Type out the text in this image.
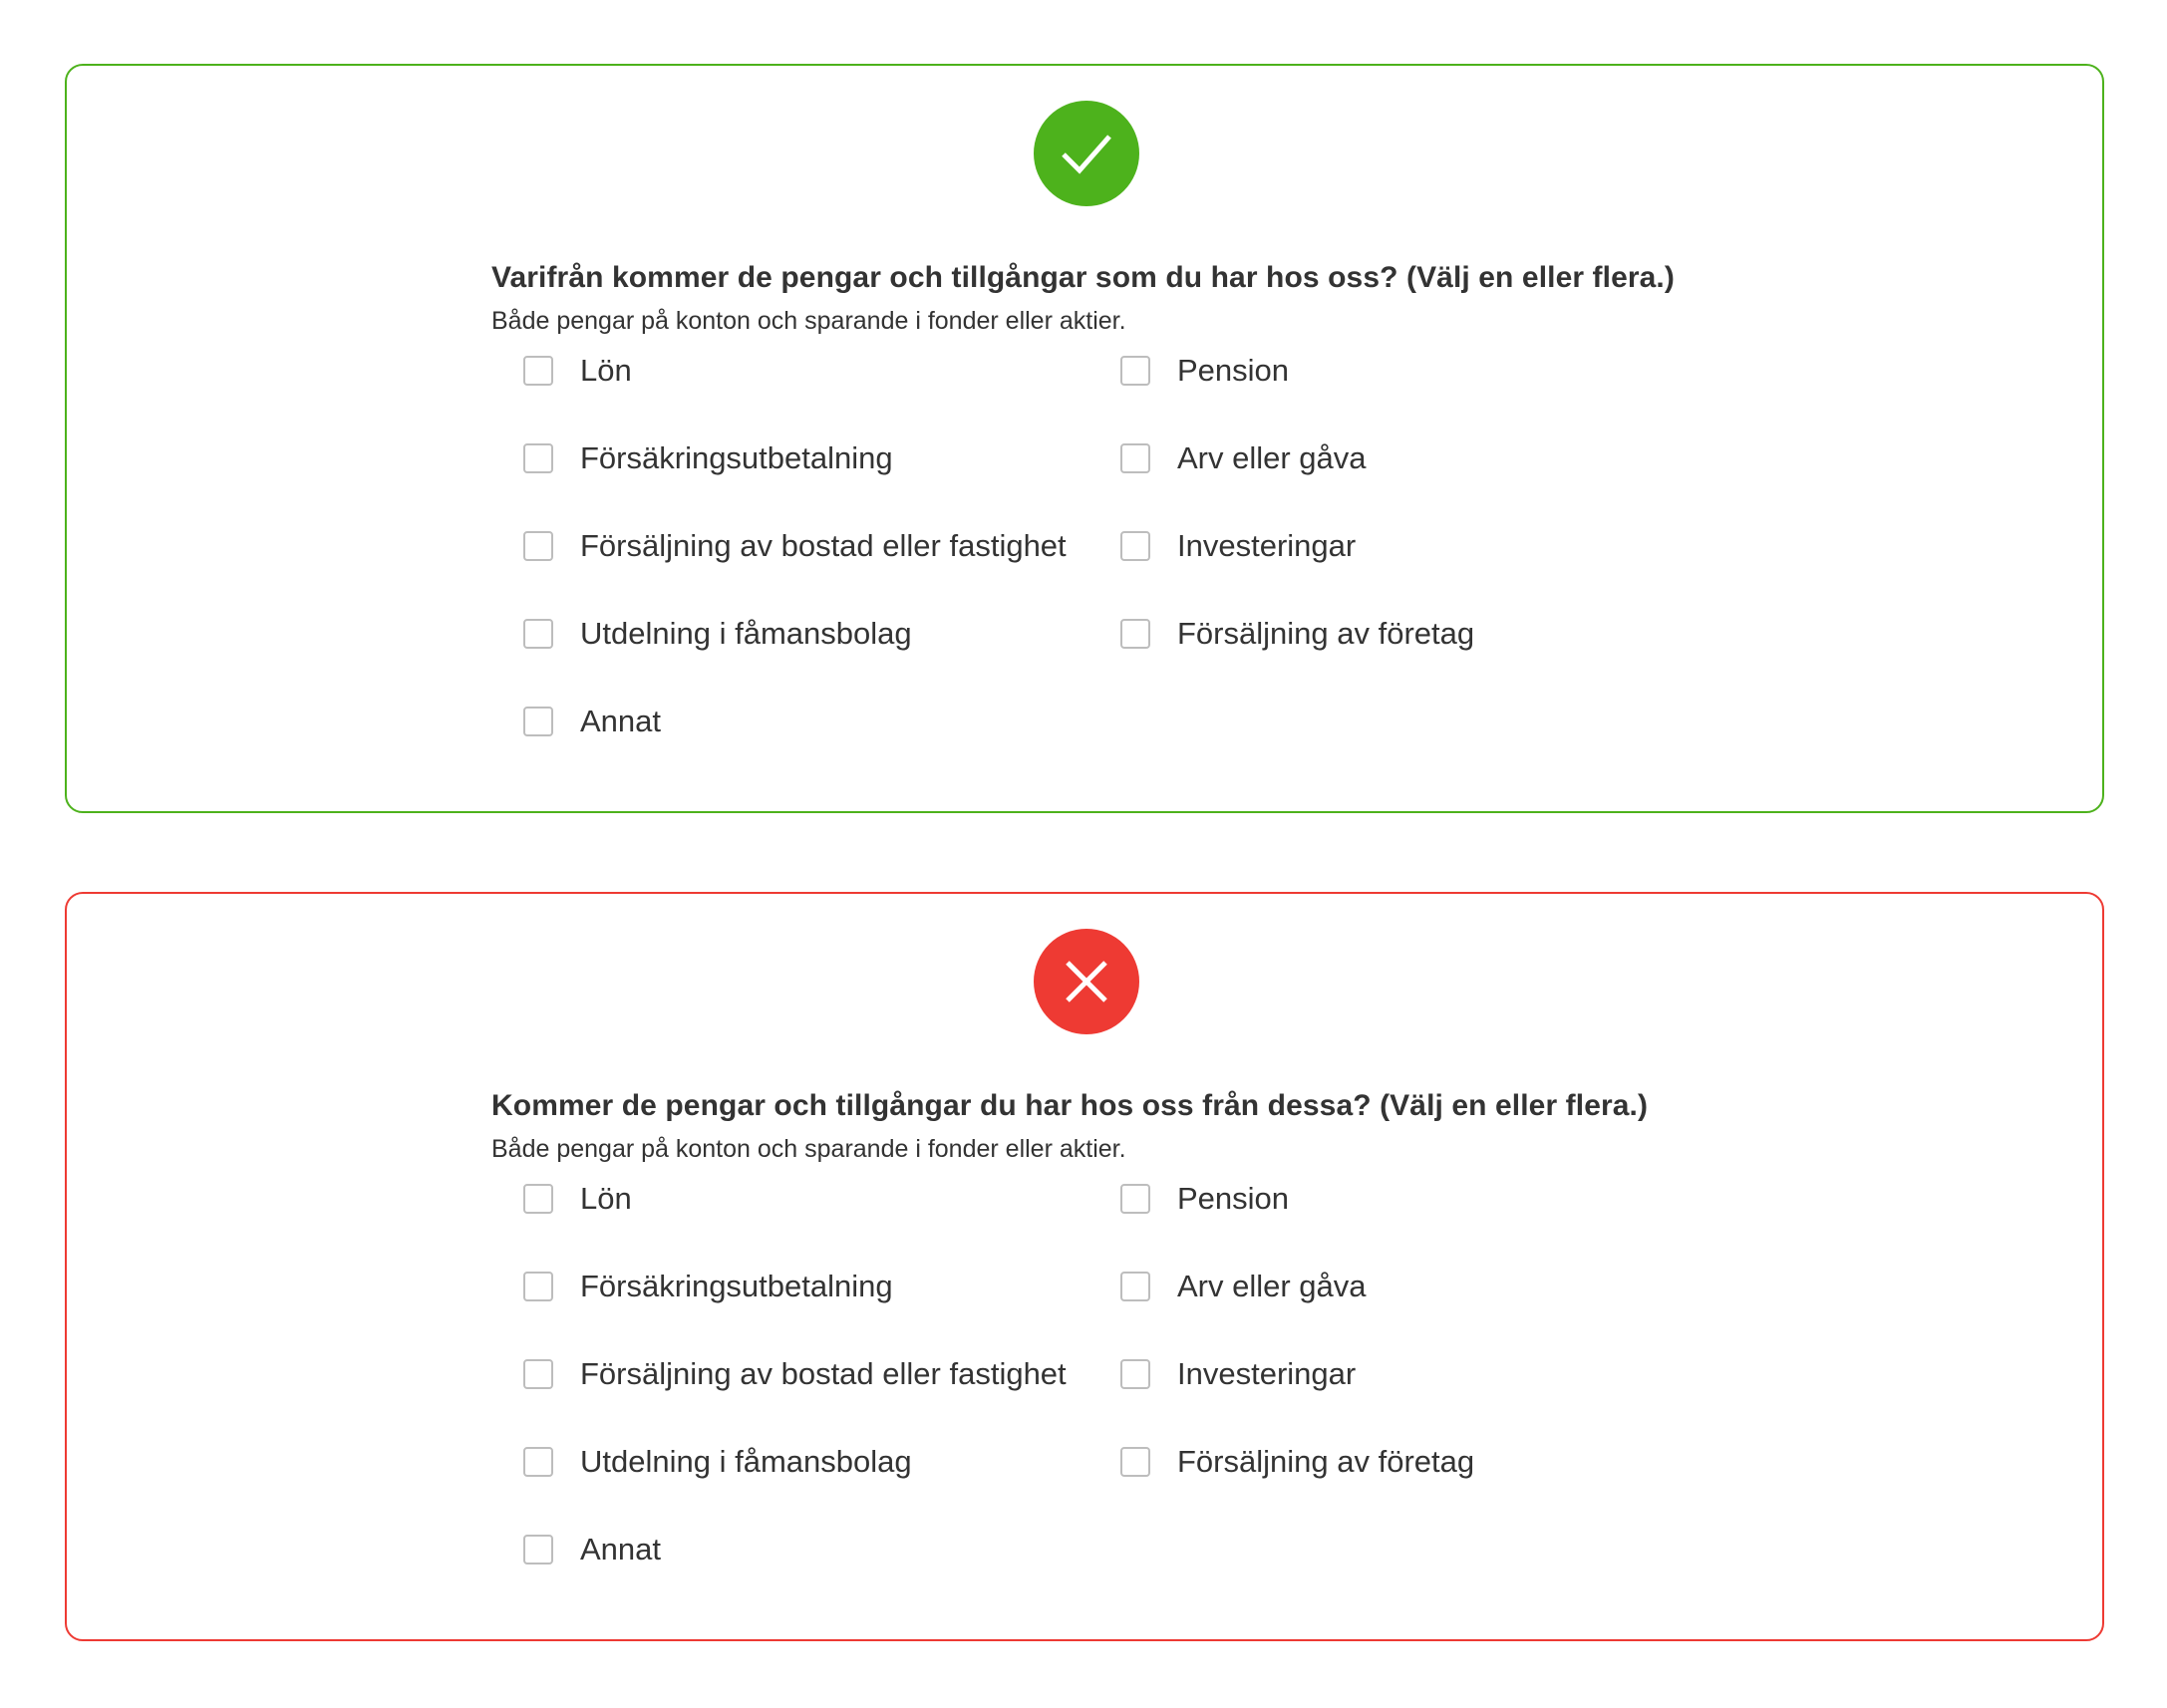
Varifrån kommer de pengar och tillgångar som du har hos oss? (Välj en eller flera.)

Både pengar på konton och sparande i fonder eller aktier.

Lön	Pension
Försäkringsutbetalning	Arv eller gåva
Försäljning av bostad eller fastighet	Investeringar
Utdelning i fåmansbolag	Försäljning av företag
Annat

Kommer de pengar och tillgångar du har hos oss från dessa? (Välj en eller flera.)

Både pengar på konton och sparande i fonder eller aktier.

Lön	Pension
Försäkringsutbetalning	Arv eller gåva
Försäljning av bostad eller fastighet	Investeringar
Utdelning i fåmansbolag	Försäljning av företag
Annat
